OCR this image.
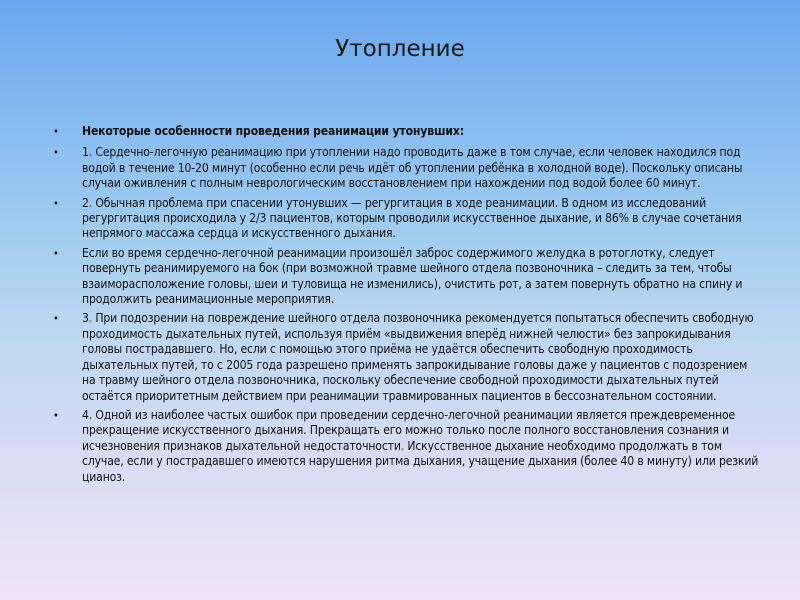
Утопление
• Некоторые особенности проведения реанимации утонувших:
• 1. Сердечно-легочную реанимацию при утоплении надо проводить даже в том случае, если человек находился под водой в течение 10-20 минут (особенно если речь идёт об утоплении ребёнка в холодной воде). Поскольку описаны случаи оживления с полным неврологическим восстановлением при нахождении под водой более 60 минут.
• 2. Обычная проблема при спасении утонувших — регургитация в ходе реанимации. В одном из исследований регургитация происходила у 2/3 пациентов, которым проводили искусственное дыхание, и 86% в случае сочетания непрямого массажа сердца и искусственного дыхания.
• Если во время сердечно-легочной реанимации произошёл заброс содержимого желудка в ротоглотку, следует повернуть реанимируемого на бок (при возможной травме шейного отдела позвоночника – следить за тем, чтобы взаиморасположение головы, шеи и туловища не изменились), очистить рот, а затем повернуть обратно на спину и продолжить реанимационные мероприятия.
• 3. При подозрении на повреждение шейного отдела позвоночника рекомендуется попытаться обеспечить свободную проходимость дыхательных путей, используя приём «выдвижения вперёд нижней челюсти» без запрокидывания головы пострадавшего. Но, если с помощью этого приёма не удаётся обеспечить свободную проходимость дыхательных путей, то с 2005 года разрешено применять запрокидывание головы даже у пациентов с подозрением на травму шейного отдела позвоночника, поскольку обеспечение свободной проходимости дыхательных путей остаётся приоритетным действием при реанимации травмированных пациентов в бессознательном состоянии.
• 4. Одной из наиболее частых ошибок при проведении сердечно-легочной реанимации является преждевременное прекращение искусственного дыхания. Прекращать его можно только после полного восстановления сознания и исчезновения признаков дыхательной недостаточности. Искусственное дыхание необходимо продолжать в том случае, если у пострадавшего имеются нарушения ритма дыхания, учащение дыхания (более 40 в минуту) или резкий цианоз.
